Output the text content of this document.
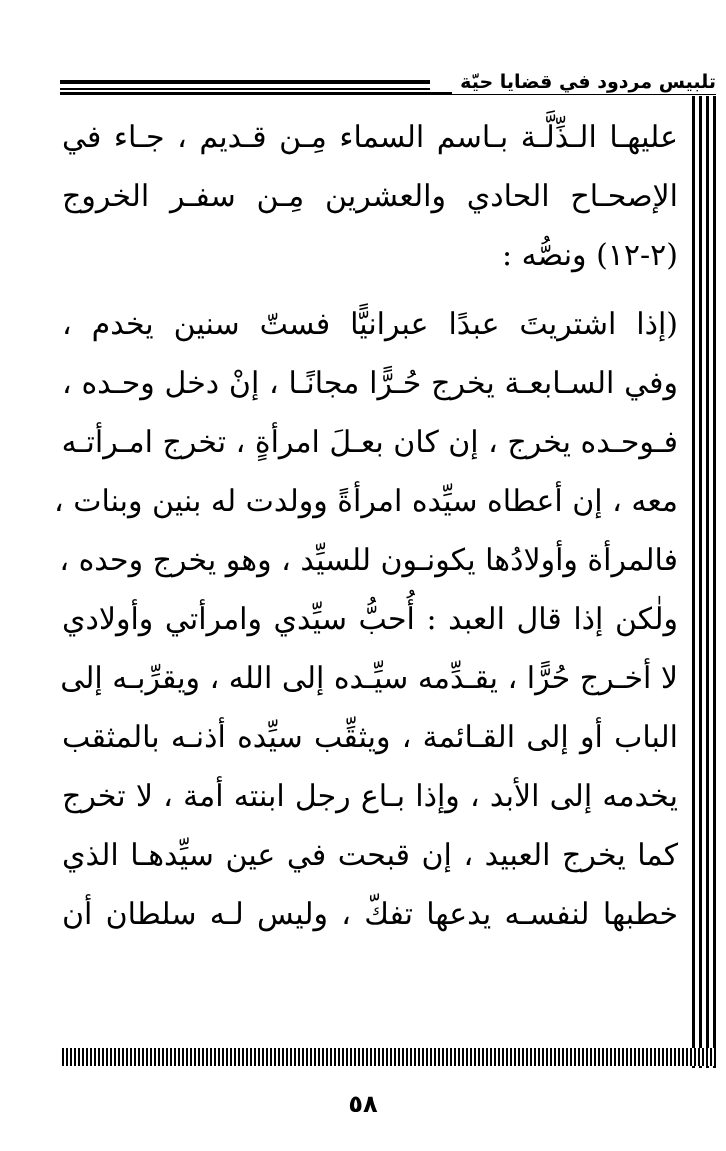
تلبيس مردود في قضايا حيّة
عليهـا الـذِّلَّـة بـاسم السماء مِـن قـديم ، جـاء في
الإصحـاح الحادي والعشرين مِـن سفـر الخروج
(٢-١٢) ونصُّه :
(إذا اشتريتَ عبدًا عبرانيًّا فستّ سنين يخدم ،
وفي السـابعـة يخرج حُـرًّا مجانًـا ، إنْ دخل وحـده ،
فـوحـده يخرج ، إن كان بعـلَ امرأةٍ ، تخرج امـرأتـه
معه ، إن أعطاه سيِّده امرأةً وولدت له بنين وبنات ،
فالمرأة وأولادُها يكونـون للسيِّد ، وهو يخرج وحده ،
ولٰكن إذا قال العبد : أُحبُّ سيِّدي وامرأتي وأولادي
لا أخـرج حُرًّا ، يقـدِّمه سيِّـده إلى الله ، ويقرِّبـه إلى
الباب أو إلى القـائمة ، ويثقِّب سيِّده أذنـه بالمثقب
يخدمه إلى الأبد ، وإذا بـاع رجل ابنته أمة ، لا تخرج
كما يخرج العبيد ، إن قبحت في عين سيِّدهـا الذي
خطبها لنفسـه يدعها تفكّ ، وليس لـه سلطان أن
٥٨
